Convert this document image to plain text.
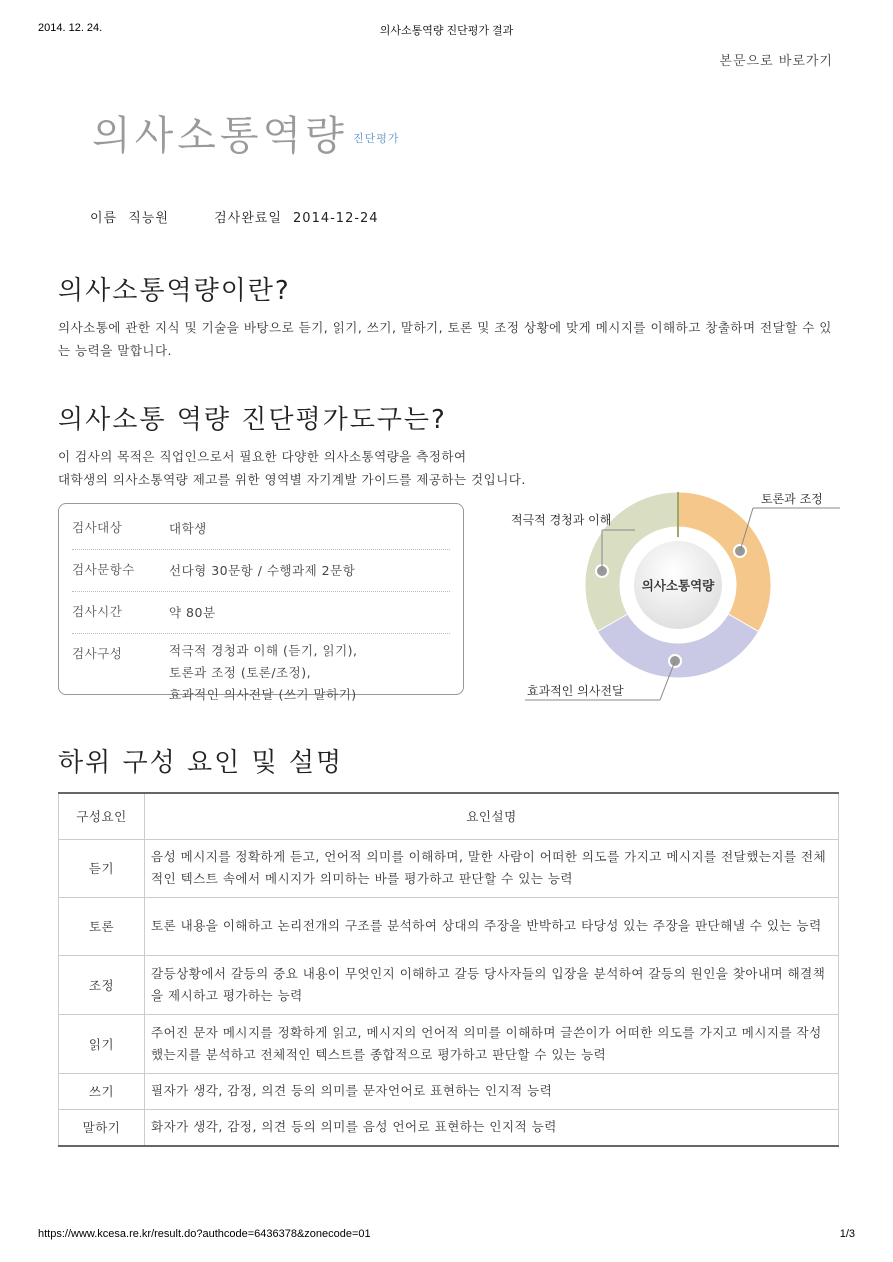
2014. 12. 24.	의사소통역량 진단평가 결과
본문으로 바로가기
의사소통역량 진단평가
이름 직능원	검사완료일 2014-12-24
의사소통역량이란?

의사소통에 관한 지식 및 기술을 바탕으로 듣기, 읽기, 쓰기, 말하기, 토론 및 조정 상황에 맞게 메시지를 이해하고 창출하며 전달할 수 있는 능력을 말합니다.

의사소통 역량 진단평가도구는?

이 검사의 목적은 직업인으로서 필요한 다양한 의사소통역량을 측정하여

대학생의 의사소통역량 제고를 위한 영역별 자기계발 가이드를 제공하는 것입니다.

검사대상	대학생
검사문항수	선다형 30문항 / 수행과제 2문항
검사시간	약 80분
검사구성	적극적 경청과 이해 (듣기, 읽기),
토론과 조정 (토론/조정),
효과적인 의사전달 (쓰기 말하기)
의사소통역량
적극적 경청과 이해
토론과 조정
효과적인 의사전달
하위 구성 요인 및 설명
구성요인	요인설명
듣기	음성 메시지를 정확하게 듣고, 언어적 의미를 이해하며, 말한 사람이 어떠한 의도를 가지고 메시지를 전달했는지를 전체적인 텍스트 속에서 메시지가 의미하는 바를 평가하고 판단할 수 있는 능력
토론	토론 내용을 이해하고 논리전개의 구조를 분석하여 상대의 주장을 반박하고 타당성 있는 주장을 판단해낼 수 있는 능력
조정	갈등상황에서 갈등의 중요 내용이 무엇인지 이해하고 갈등 당사자들의 입장을 분석하여 갈등의 원인을 찾아내며 해결책을 제시하고 평가하는 능력
읽기	주어진 문자 메시지를 정확하게 읽고, 메시지의 언어적 의미를 이해하며 글쓴이가 어떠한 의도를 가지고 메시지를 작성했는지를 분석하고 전체적인 텍스트를 종합적으로 평가하고 판단할 수 있는 능력
쓰기	필자가 생각, 감정, 의견 등의 의미를 문자언어로 표현하는 인지적 능력
말하기	화자가 생각, 감정, 의견 등의 의미를 음성 언어로 표현하는 인지적 능력
https://www.kcesa.re.kr/result.do?authcode=6436378&zonecode=01	1/3
